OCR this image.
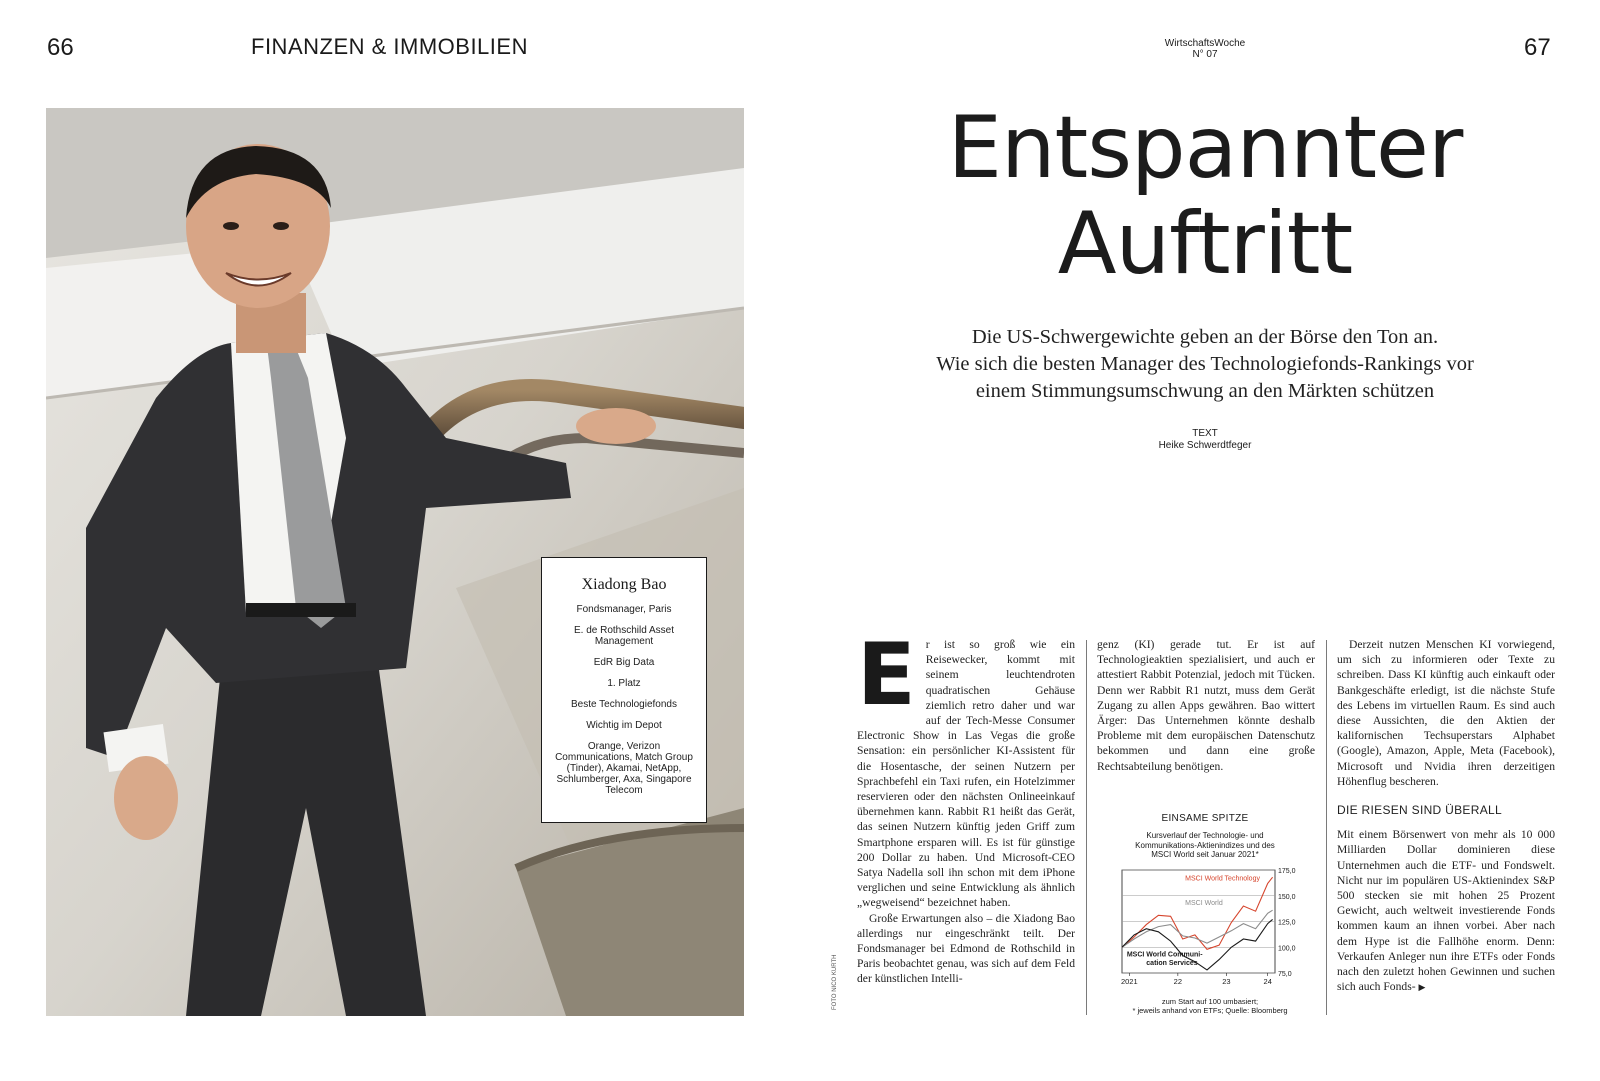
66	FINANZEN & IMMOBILIEN	WirtschaftsWoche
N° 07	67
Xiadong Bao
Fondsmanager, Paris
E. de Rothschild Asset Management
EdR Big Data
1. Platz
Beste Technologiefonds
Wichtig im Depot
Orange, Verizon Communications, Match Group (Tinder), Akamai, NetApp, Schlumberger, Axa, Singapore Telecom
Entspannter
Auftritt
Die US-Schwergewichte geben an der Börse den Ton an.
Wie sich die besten Manager des Technologiefonds-Rankings vor
einem Stimmungsumschwung an den Märkten schützen
TEXT
Heike Schwerdtfeger
FOTO NICO KURTH
E r ist so groß wie ein Reisewecker, kommt mit seinem leuchtendroten quadratischen Gehäuse ziemlich retro daher und war auf der Tech-Messe Consumer Electronic Show in Las Vegas die große Sensation: ein persönlicher KI-Assistent für die Hosentasche, der seinen Nutzern per Sprachbefehl ein Taxi rufen, ein Hotelzimmer reservieren oder den nächsten Onlineeinkauf übernehmen kann. Rabbit R1 heißt das Gerät, das seinen Nutzern künftig jeden Griff zum Smartphone ersparen will. Es ist für günstige 200 Dollar zu haben. Und Microsoft-CEO Satya Nadella soll ihn schon mit dem iPhone verglichen und seine Entwicklung als ähnlich „wegweisend“ bezeichnet haben.

Große Erwartungen also – die Xiadong Bao allerdings nur eingeschränkt teilt. Der Fondsmanager bei Edmond de Rothschild in Paris beobachtet genau, was sich auf dem Feld der künstlichen Intelli-

genz (KI) gerade tut. Er ist auf Technologieaktien spezialisiert, und auch er attestiert Rabbit Potenzial, jedoch mit Tücken. Denn wer Rabbit R1 nutzt, muss dem Gerät Zugang zu allen Apps gewähren. Bao wittert Ärger: Das Unternehmen könnte deshalb Probleme mit dem europäischen Datenschutz bekommen und dann eine große Rechtsabteilung benötigen.

EINSAME SPITZE
Kursverlauf der Technologie- und
Kommunikations-Aktienindizes und des
MSCI World seit Januar 2021*
175,0
150,0
125,0
100,0
75,0
2021	22	23	24
MSCI World Technology
MSCI World
MSCI World Communi-
cation Services
zum Start auf 100 umbasiert;
* jeweils anhand von ETFs; Quelle: Bloomberg

Derzeit nutzen Menschen KI vorwiegend, um sich zu informieren oder Texte zu schreiben. Dass KI künftig auch einkauft oder Bankgeschäfte erledigt, ist die nächste Stufe des Lebens im virtuellen Raum. Es sind auch diese Aussichten, die den Aktien der kalifornischen Techsuperstars Alphabet (Google), Amazon, Apple, Meta (Facebook), Microsoft und Nvidia ihren derzeitigen Höhenflug bescheren.

DIE RIESEN SIND ÜBERALL

Mit einem Börsenwert von mehr als 10 000 Milliarden Dollar dominieren diese Unternehmen auch die ETF- und Fondswelt. Nicht nur im populären US-Aktienindex S&P 500 stecken sie mit hohen 25 Prozent Gewicht, auch weltweit investierende Fonds kommen kaum an ihnen vorbei. Aber nach dem Hype ist die Fallhöhe enorm. Denn: Verkaufen Anleger nun ihre ETFs oder Fonds nach den zuletzt hohen Gewinnen und suchen sich auch Fonds- ▶
